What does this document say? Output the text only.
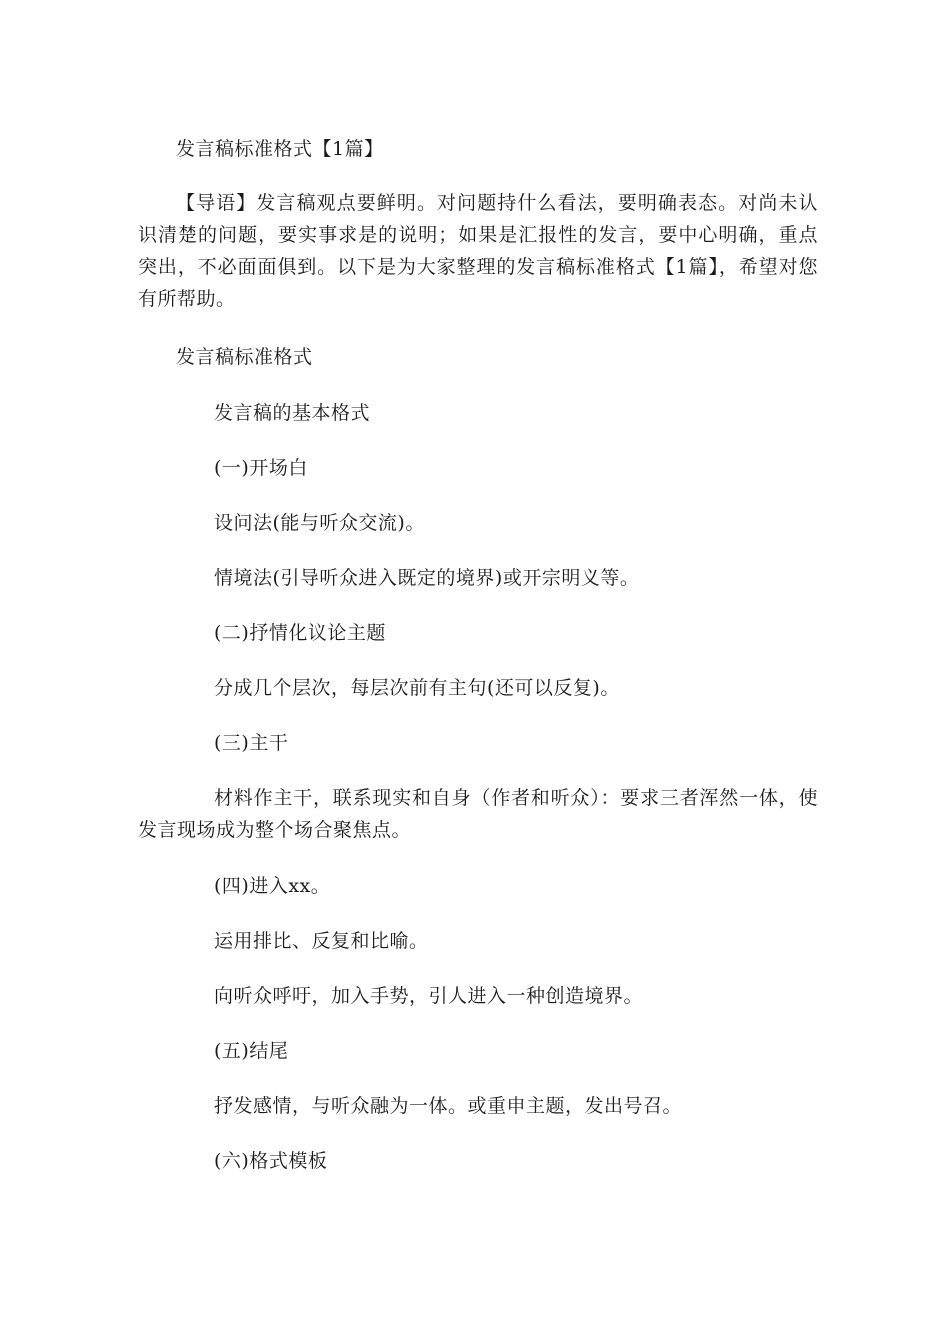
发言稿标准格式【1篇】
【导语】发言稿观点要鲜明。对问题持什么看法，要明确表态。对尚未认识清楚的问题，要实事求是的说明；如果是汇报性的发言，要中心明确，重点突出，不必面面俱到。以下是为大家整理的发言稿标准格式【1篇】，希望对您有所帮助。
发言稿标准格式
发言稿的基本格式
(一)开场白
设问法(能与听众交流)。
情境法(引导听众进入既定的境界)或开宗明义等。
(二)抒情化议论主题
分成几个层次，每层次前有主句(还可以反复)。
(三)主干
材料作主干，联系现实和自身（作者和听众）：要求三者浑然一体，使发言现场成为整个场合聚焦点。
(四)进入xx。
运用排比、反复和比喻。
向听众呼吁，加入手势，引人进入一种创造境界。
(五)结尾
抒发感情，与听众融为一体。或重申主题，发出号召。
(六)格式模板
